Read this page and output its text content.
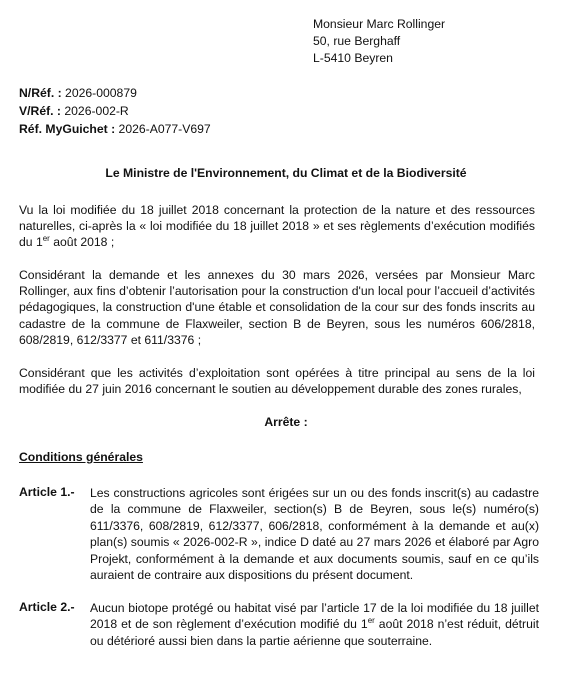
Monsieur Marc Rollinger
50, rue Berghaff
L-5410 Beyren
N/Réf. : 2026-000879
V/Réf. : 2026-002-R
Réf. MyGuichet : 2026-A077-V697
Le Ministre de l'Environnement, du Climat et de la Biodiversité
Vu la loi modifiée du 18 juillet 2018 concernant la protection de la nature et des ressources naturelles, ci-après la « loi modifiée du 18 juillet 2018 » et ses règlements d’exécution modifiés du 1er août 2018 ;
Considérant la demande et les annexes du 30 mars 2026, versées par Monsieur Marc Rollinger, aux fins d’obtenir l’autorisation pour la construction d'un local pour l’accueil d’activités pédagogiques, la construction d'une étable et consolidation de la cour sur des fonds inscrits au cadastre de la commune de Flaxweiler, section B de Beyren, sous les numéros 606/2818, 608/2819, 612/3377 et 611/3376 ;
Considérant que les activités d’exploitation sont opérées à titre principal au sens de la loi modifiée du 27 juin 2016 concernant le soutien au développement durable des zones rurales,
Arrête :
Conditions générales
Article 1.- Les constructions agricoles sont érigées sur un ou des fonds inscrit(s) au cadastre de la commune de Flaxweiler, section(s) B de Beyren, sous le(s) numéro(s) 611/3376, 608/2819, 612/3377, 606/2818, conformément à la demande et au(x) plan(s) soumis « 2026-002-R », indice D daté au 27 mars 2026 et élaboré par Agro Projekt, conformément à la demande et aux documents soumis, sauf en ce qu’ils auraient de contraire aux dispositions du présent document.
Article 2.- Aucun biotope protégé ou habitat visé par l’article 17 de la loi modifiée du 18 juillet 2018 et de son règlement d’exécution modifié du 1er août 2018 n’est réduit, détruit ou détérioré aussi bien dans la partie aérienne que souterraine.
